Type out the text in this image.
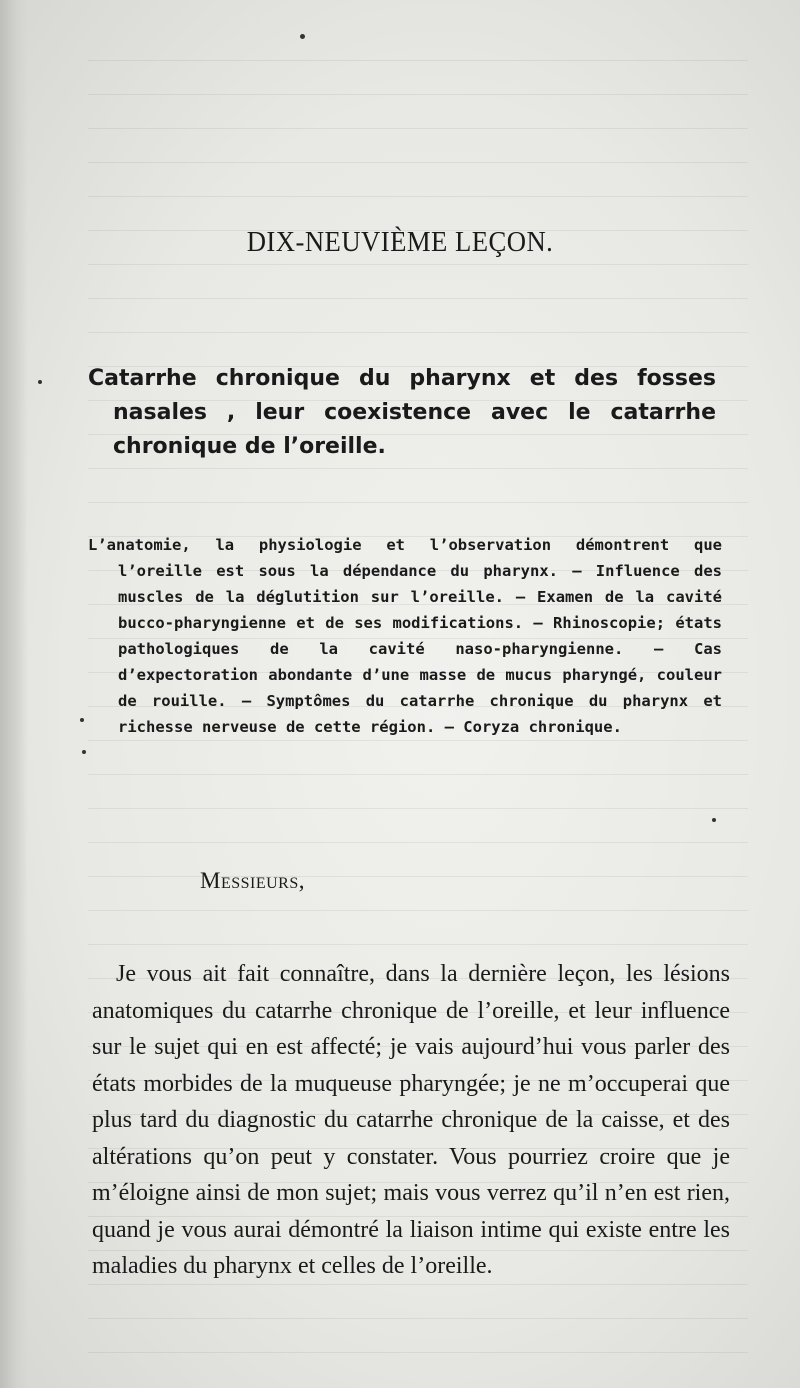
DIX-NEUVIÈME LEÇON.
Catarrhe chronique du pharynx et des fosses nasales , leur coexistence avec le catarrhe chronique de l’oreille.
L’anatomie, la physiologie et l’observation démontrent que l’oreille est sous la dépendance du pharynx. — Influence des muscles de la déglutition sur l’oreille. — Examen de la cavité bucco-pharyngienne et de ses modifications. — Rhinoscopie; états pathologiques de la cavité naso-pharyngienne. — Cas d’expectoration abondante d’une masse de mucus pharyngé, couleur de rouille. — Symptômes du catarrhe chronique du pharynx et richesse nerveuse de cette région. — Coryza chronique.
Messieurs,
Je vous ait fait connaître, dans la dernière leçon, les lésions anatomiques du catarrhe chronique de l’oreille, et leur influence sur le sujet qui en est affecté; je vais aujourd’hui vous parler des états morbides de la muqueuse pharyngée; je ne m’occuperai que plus tard du diagnostic du catarrhe chronique de la caisse, et des altérations qu’on peut y constater. Vous pourriez croire que je m’éloigne ainsi de mon sujet; mais vous verrez qu’il n’en est rien, quand je vous aurai démontré la liaison intime qui existe entre les maladies du pharynx et celles de l’oreille.
